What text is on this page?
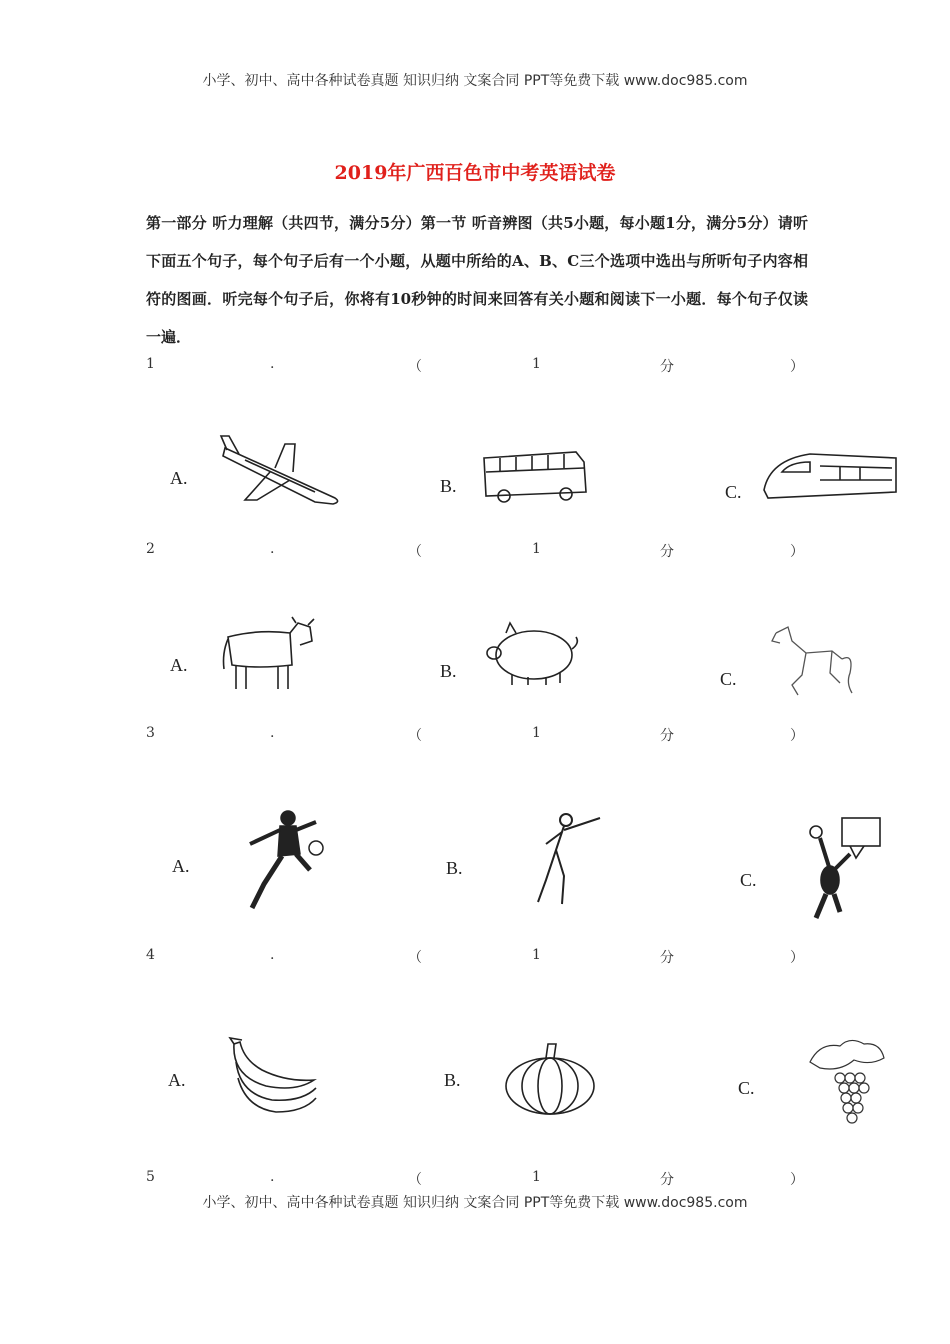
小学、初中、高中各种试卷真题 知识归纳 文案合同 PPT等免费下载 www.doc985.com
2019年广西百色市中考英语试卷
第一部分 听力理解（共四节，满分5分）第一节 听音辨图（共5小题，每小题1分，满分5分）请听下面五个句子，每个句子后有一个小题，从题中所给的A、B、C三个选项中选出与所听句子内容相符的图画．听完每个句子后，你将有10秒钟的时间来回答有关小题和阅读下一小题．每个句子仅读一遍．
1	.	（	1	分	）
A.	B.	C.
2	.	（	1	分	）
A.	B.	C.
3	.	（	1	分	）
A.	B.
C.
4	.	（	1	分	）
A.	B.	C.
5	.	（	1	分	）
小学、初中、高中各种试卷真题 知识归纳 文案合同 PPT等免费下载 www.doc985.com
